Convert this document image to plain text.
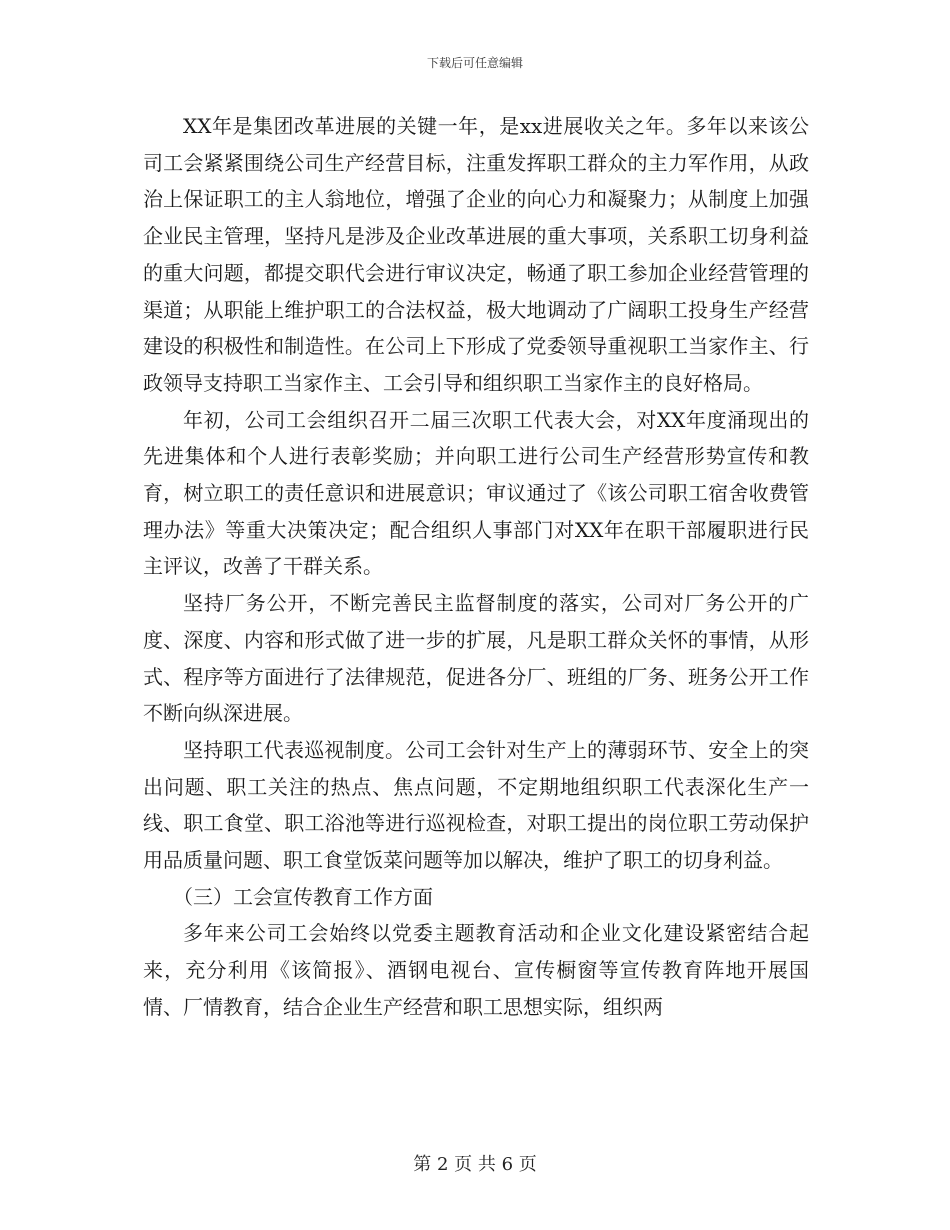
下载后可任意编辑

XX年是集团改革进展的关键一年，是xx进展收关之年。多年以来该公司工会紧紧围绕公司生产经营目标，注重发挥职工群众的主力军作用，从政治上保证职工的主人翁地位，增强了企业的向心力和凝聚力；从制度上加强企业民主管理，坚持凡是涉及企业改革进展的重大事项，关系职工切身利益的重大问题，都提交职代会进行审议决定，畅通了职工参加企业经营管理的渠道；从职能上维护职工的合法权益，极大地调动了广阔职工投身生产经营建设的积极性和制造性。在公司上下形成了党委领导重视职工当家作主、行政领导支持职工当家作主、工会引导和组织职工当家作主的良好格局。

年初，公司工会组织召开二届三次职工代表大会，对XX年度涌现出的先进集体和个人进行表彰奖励；并向职工进行公司生产经营形势宣传和教育，树立职工的责任意识和进展意识；审议通过了《该公司职工宿舍收费管理办法》等重大决策决定；配合组织人事部门对XX年在职干部履职进行民主评议，改善了干群关系。

坚持厂务公开，不断完善民主监督制度的落实，公司对厂务公开的广度、深度、内容和形式做了进一步的扩展，凡是职工群众关怀的事情，从形式、程序等方面进行了法律规范，促进各分厂、班组的厂务、班务公开工作不断向纵深进展。

坚持职工代表巡视制度。公司工会针对生产上的薄弱环节、安全上的突出问题、职工关注的热点、焦点问题，不定期地组织职工代表深化生产一线、职工食堂、职工浴池等进行巡视检查，对职工提出的岗位职工劳动保护用品质量问题、职工食堂饭菜问题等加以解决，维护了职工的切身利益。

（三）工会宣传教育工作方面

多年来公司工会始终以党委主题教育活动和企业文化建设紧密结合起来，充分利用《该简报》、酒钢电视台、宣传橱窗等宣传教育阵地开展国情、厂情教育，结合企业生产经营和职工思想实际，组织两

第 2 页 共 6 页
